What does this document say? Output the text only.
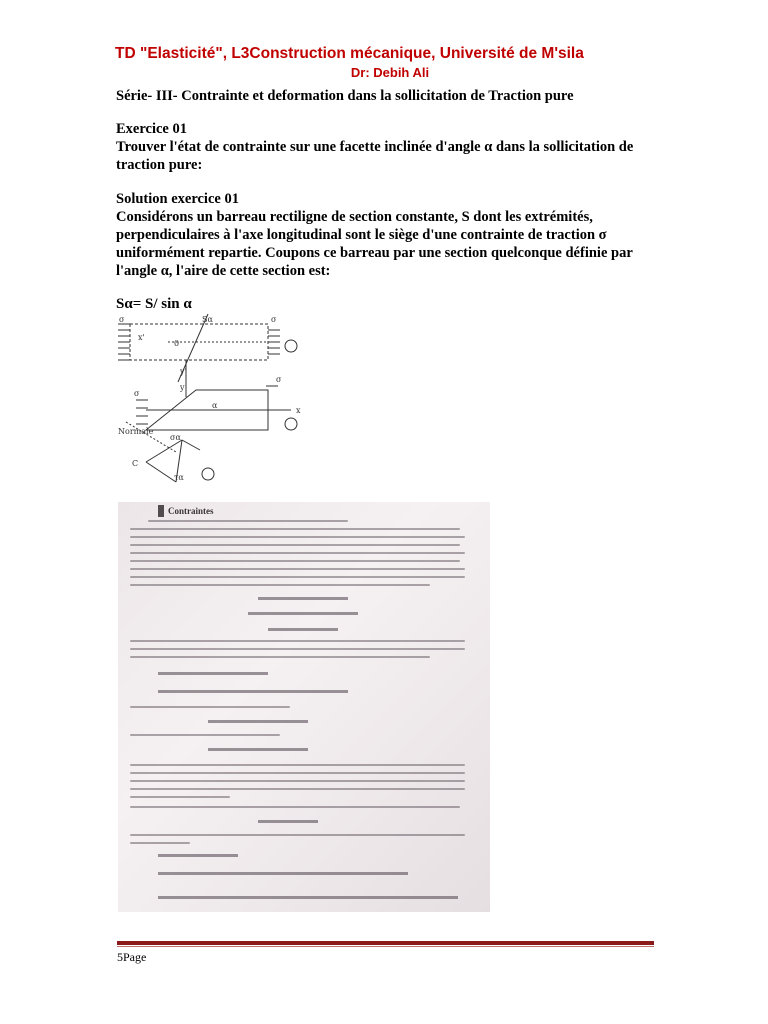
TD "Elasticité", L3Construction mécanique, Université de M'sila
Dr: Debih Ali
Série- III- Contrainte et deformation dans la sollicitation de Traction pure
Exercice 01
Trouver l'état de contrainte sur une facette inclinée d'angle α dans la sollicitation de traction pure:
Solution exercice 01
Considérons un barreau rectiligne de section constante, S dont les extrémités, perpendiculaires à l'axe longitudinal sont le siège d'une contrainte de traction σ uniformément repartie. Coupons ce barreau par une section quelconque définie par l'angle α, l'aire de cette section est:
Sα= S/ sin α
σ	σ
Sα
0
x'
y'
y
α
σ
σ
x
C
σα
τα
Normale
Contraintes
5Page
